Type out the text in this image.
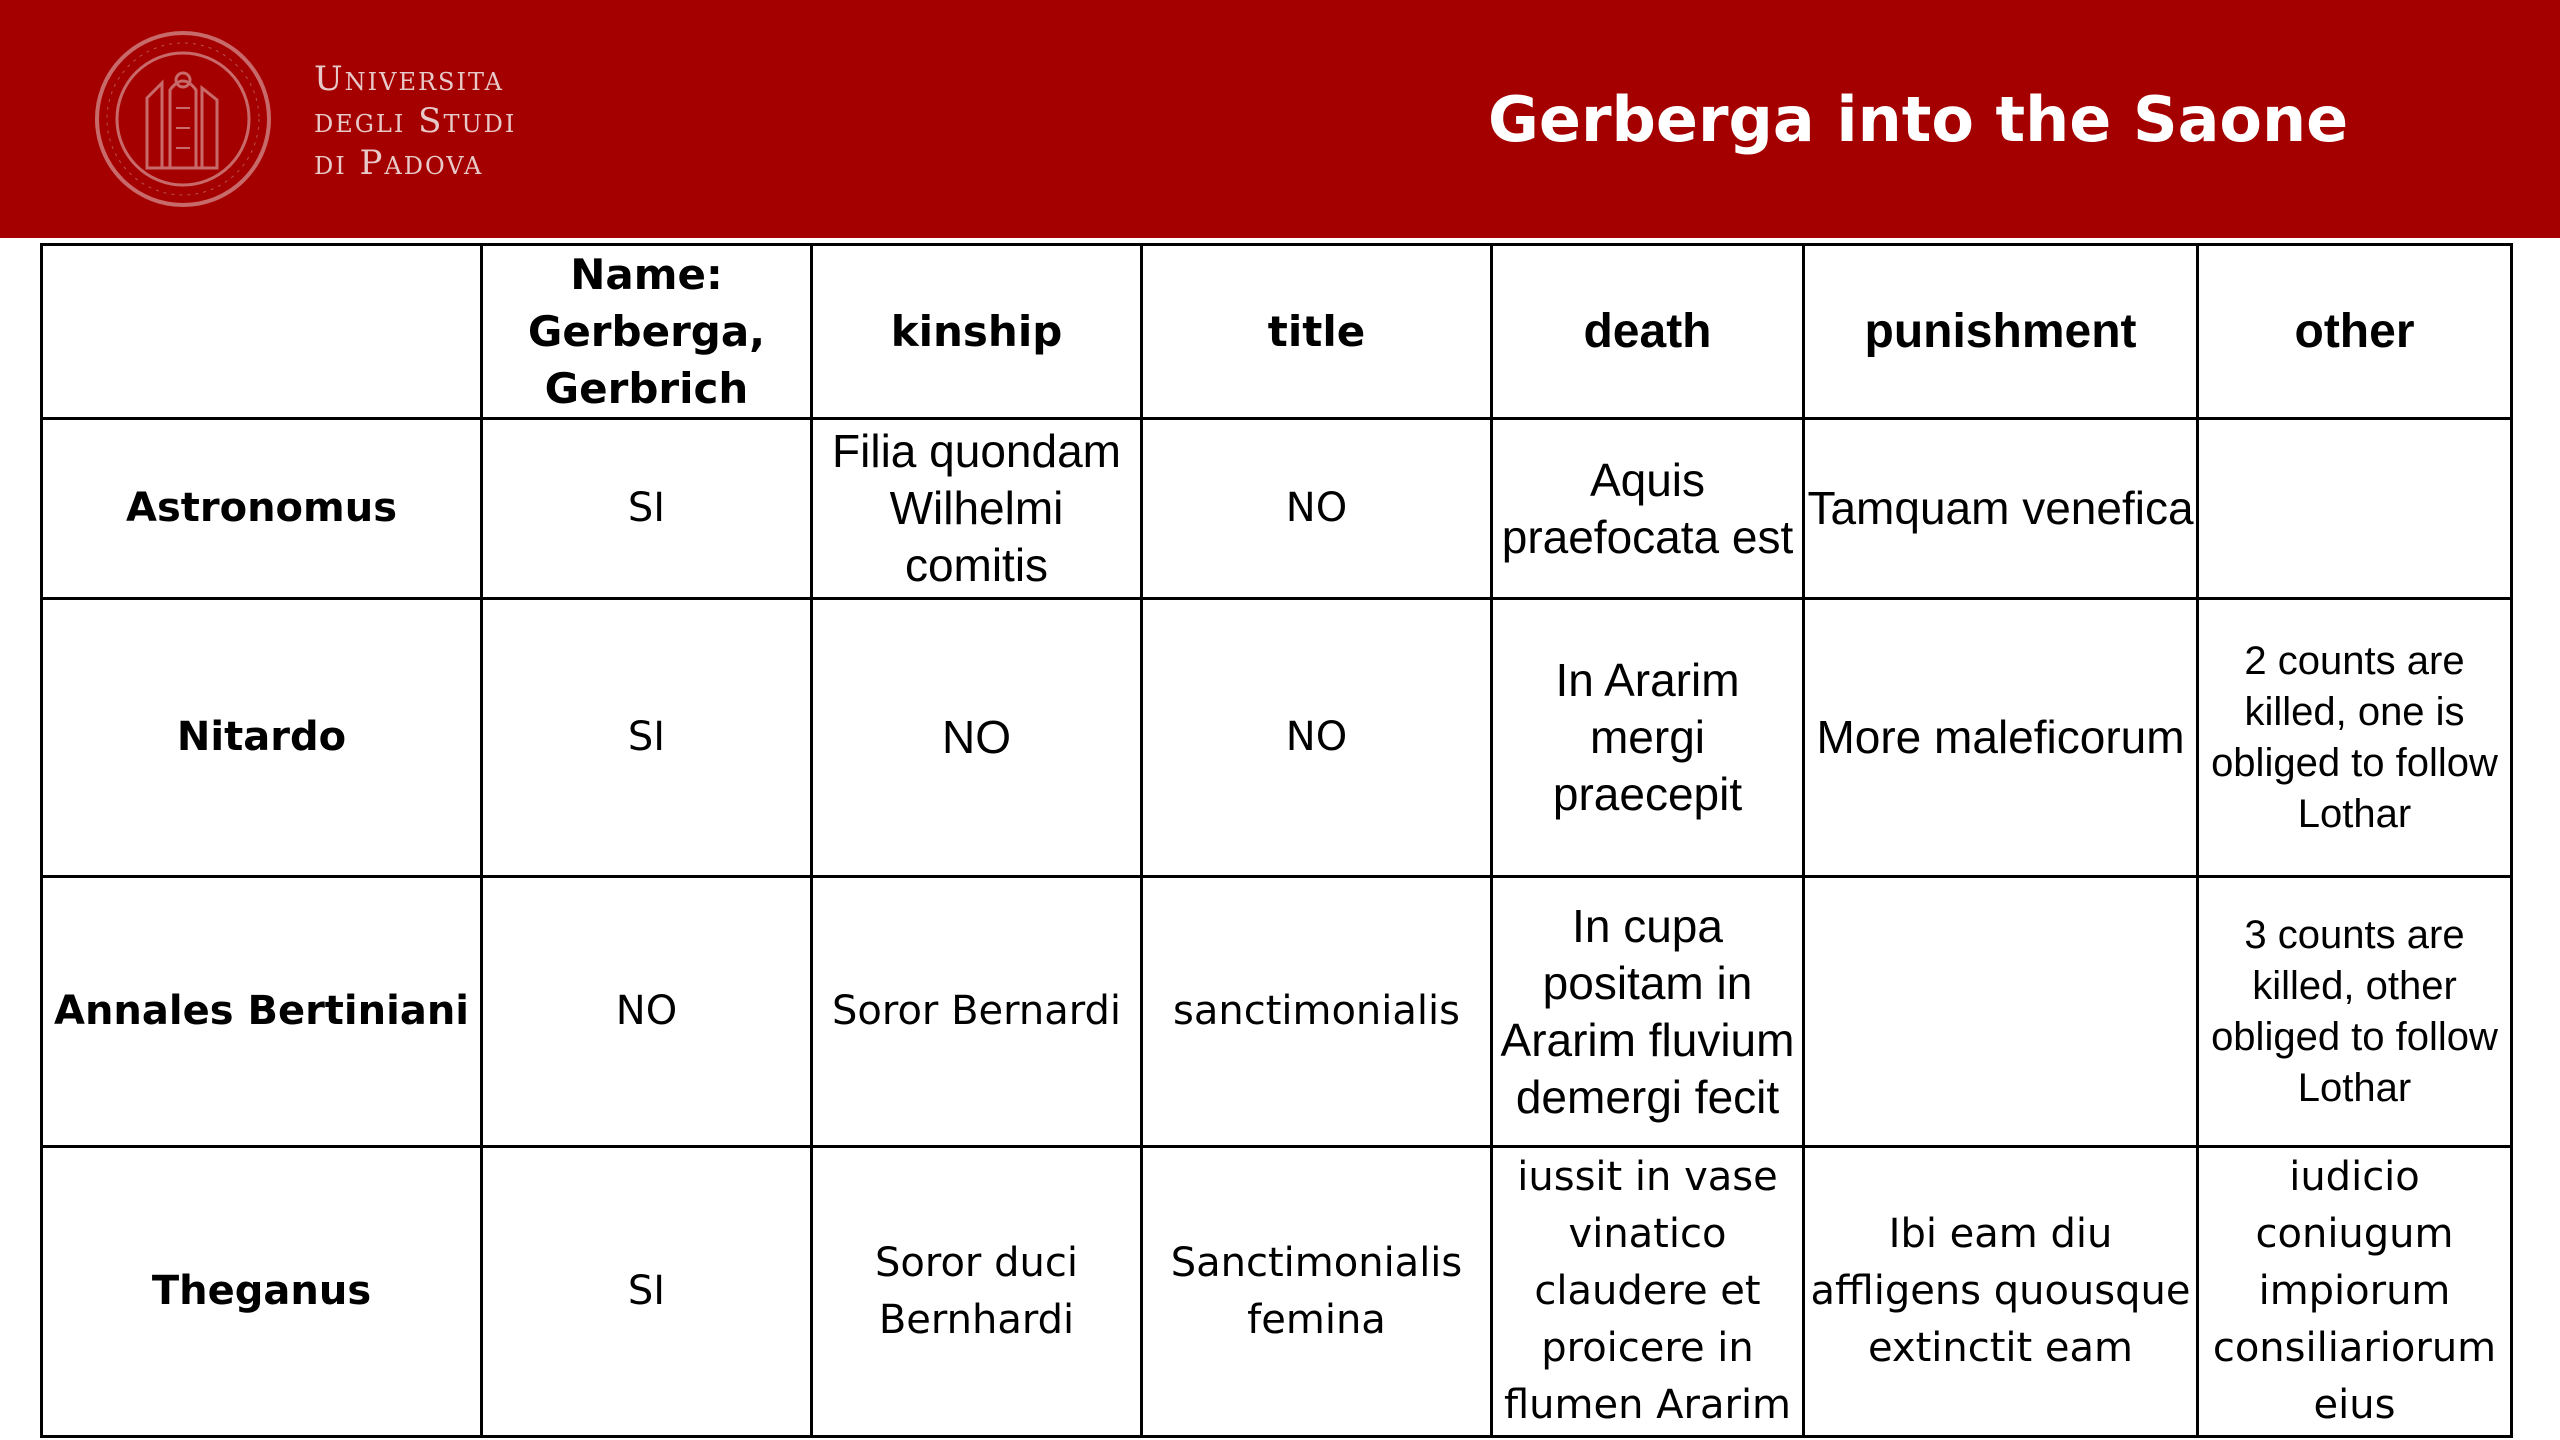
Universita
degli Studi
di Padova
Gerberga into the Saone
	Name: Gerberga, Gerbrich	kinship	title	death	punishment	other
Astronomus	SI	Filia quondam Wilhelmi comitis	NO	Aquis praefocata est	Tamquam venefica	
Nitardo	SI	NO	NO	In Ararim mergi praecepit	More maleficorum	2 counts are killed, one is obliged to follow Lothar
Annales Bertiniani	NO	Soror Bernardi	sanctimonialis	In cupa positam in Ararim fluvium demergi fecit		3 counts are killed, other obliged to follow Lothar
Theganus	SI	Soror duci Bernhardi	Sanctimonialis femina	iussit in vase vinatico claudere et proicere in flumen Ararim	Ibi eam diu affligens quousque extinctit eam	iudicio coniugum impiorum consiliariorum eius
